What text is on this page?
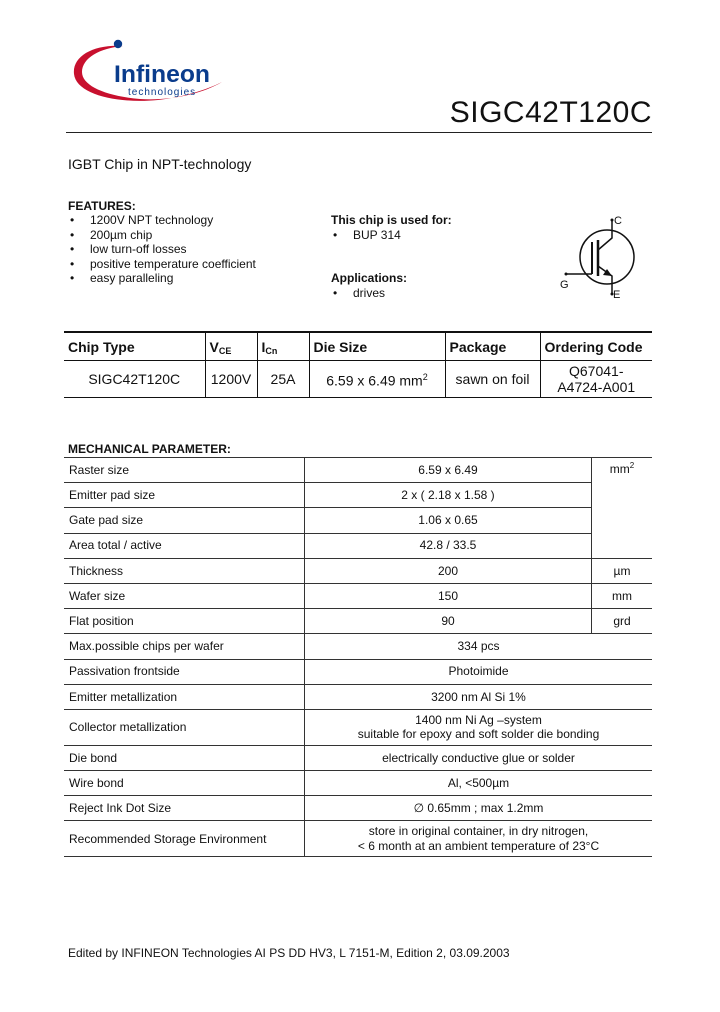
Infineon
technologies
SIGC42T120C
IGBT Chip in NPT-technology
FEATURES:
• 1200V NPT technology
• 200µm chip
• low turn-off losses
• positive temperature coefficient
• easy paralleling
This chip is used for:
• BUP 314
Applications:
• drives
C
G
E
Chip Type	$V_{CE}$	$I_{Cn}$	Die Size	Package	Ordering Code
SIGC42T120C	1200V	25A	6.59 x 6.49 $mm^2$	sawn on foil	Q67041-
A4724-A001
MECHANICAL PARAMETER:
Raster size	6.59 x 6.49	$mm^2$
Emitter pad size	2 x ( 2.18 x 1.58 )	
Gate pad size	1.06 x 0.65	
Area total / active	42.8 / 33.5	
Thickness	200	µm
Wafer size	150	mm
Flat position	90	grd
Max.possible chips per wafer	334 pcs	
Passivation frontside	Photoimide	
Emitter metallization	3200 nm Al Si 1%	
Collector metallization	1400 nm Ni Ag –system
suitable for epoxy and soft solder die bonding	

Die bond	electrically conductive glue or solder	
Wire bond	Al, <500µm	
Reject Ink Dot Size	∅ 0.65mm ; max 1.2mm	
Recommended Storage Environment	store in original container, in dry nitrogen,
< 6 month at an ambient temperature of 23°C	
Edited by INFINEON Technologies AI PS DD HV3, L 7151-M, Edition 2, 03.09.2003
